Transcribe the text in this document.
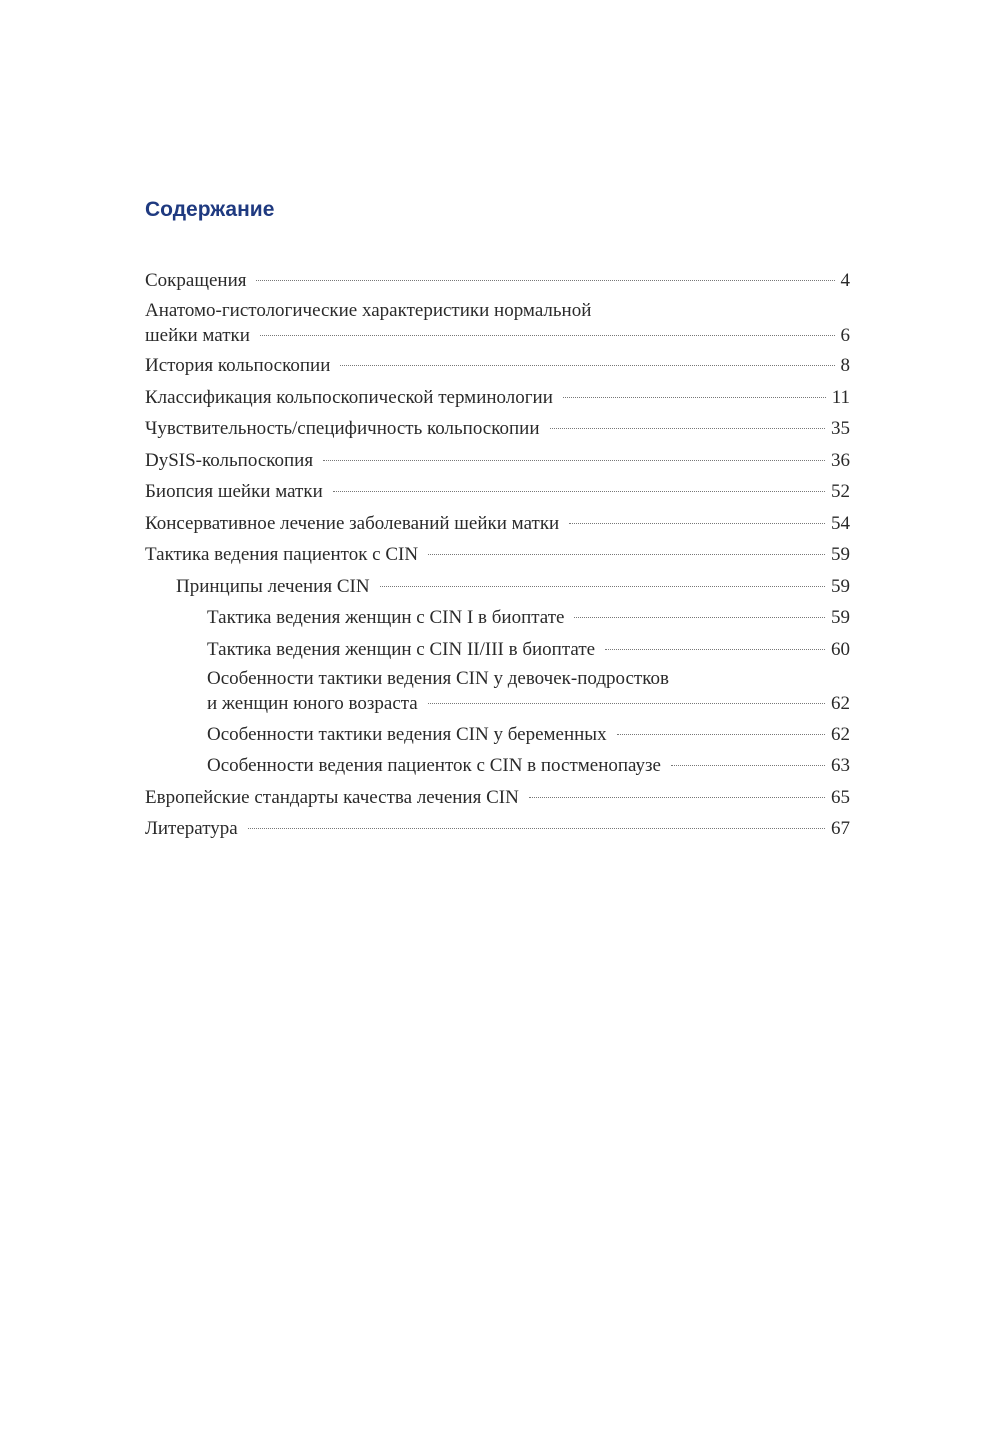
Содержание
Сокращения	4
Анатомо-гистологические характеристики нормальной
шейки матки	6
История кольпоскопии	8
Классификация кольпоскопической терминологии	11
Чувствительность/специфичность кольпоскопии	35
DySIS-кольпоскопия	36
Биопсия шейки матки	52
Консервативное лечение заболеваний шейки матки	54
Тактика ведения пациенток с CIN	59
Принципы лечения CIN	59
Тактика ведения женщин с CIN I в биоптате	59
Тактика ведения женщин с CIN II/III в биоптате	60
Особенности тактики ведения CIN у девочек-подростков
и женщин юного возраста	62
Особенности тактики ведения CIN у беременных	62
Особенности ведения пациенток с CIN в постменопаузе	63
Европейские стандарты качества лечения CIN	65
Литература	67
